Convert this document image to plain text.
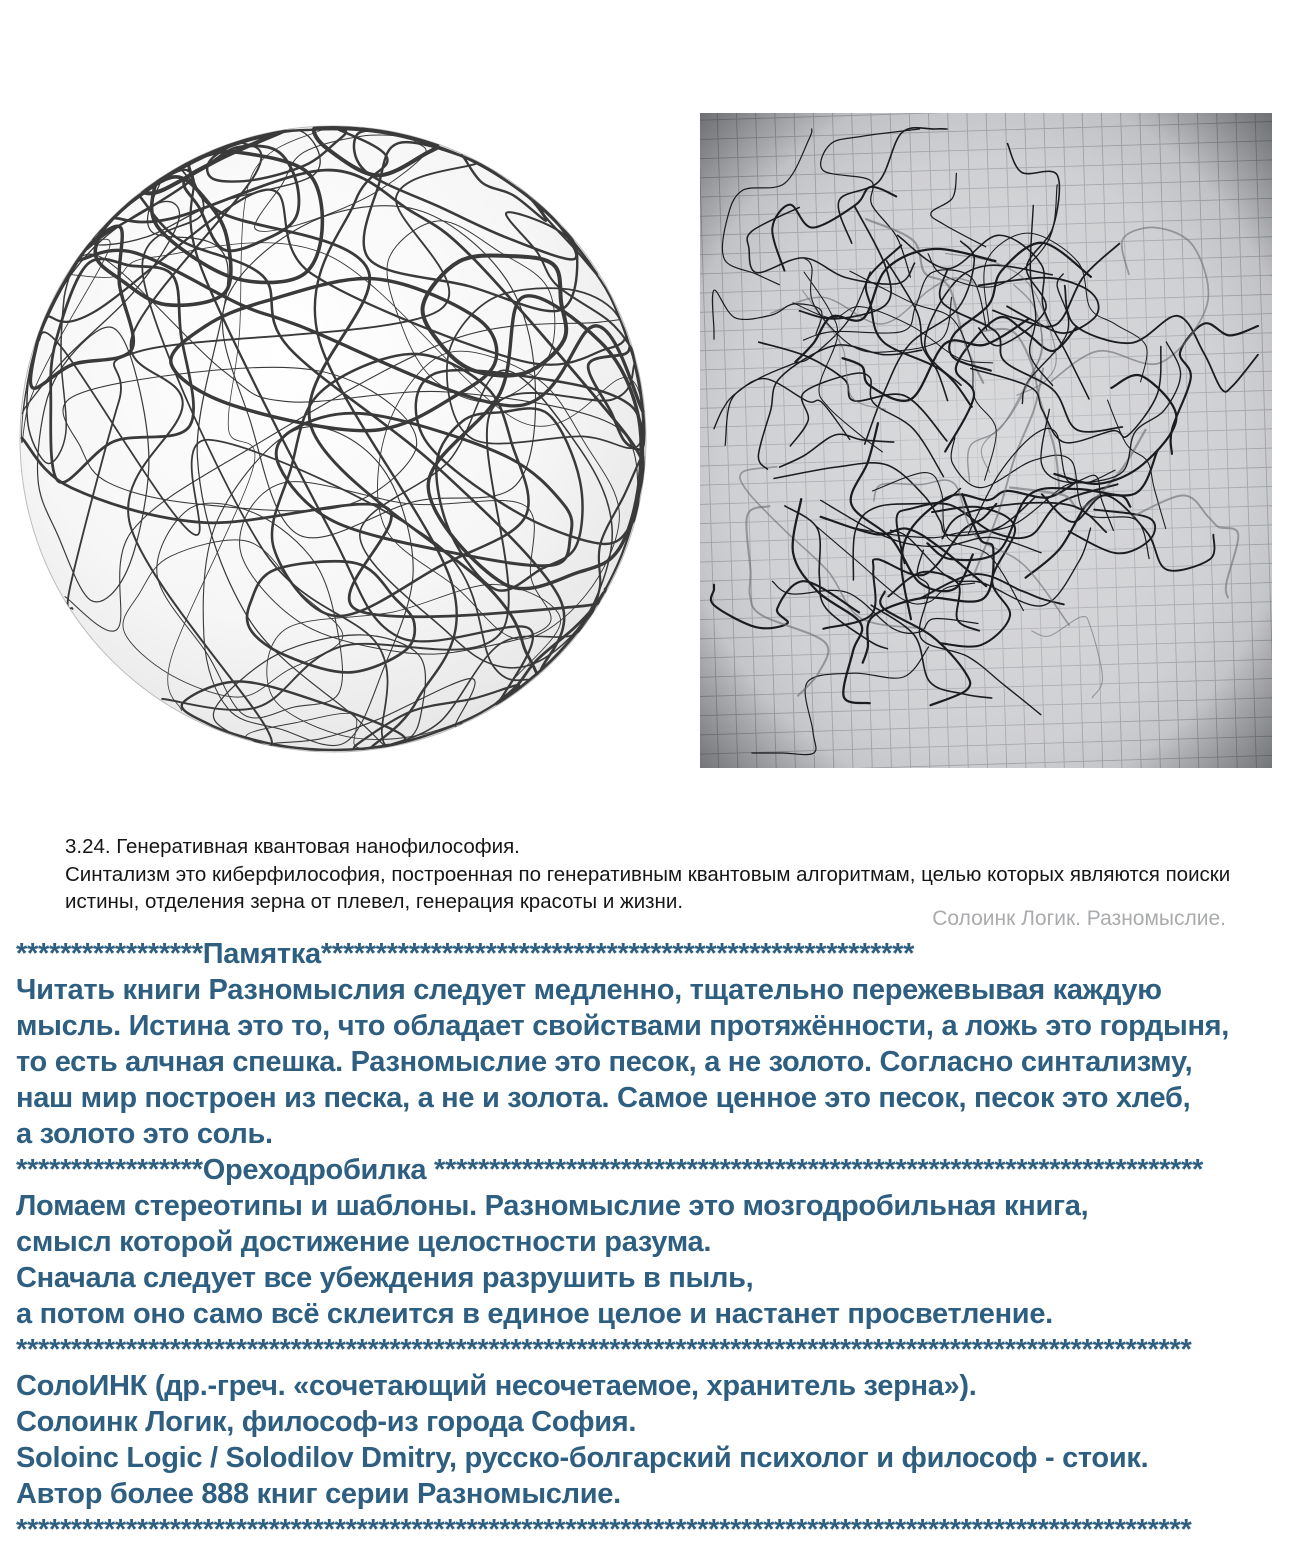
3.24. Генеративная квантовая нанофилософия.
Синтализм это киберфилософия, построенная по генеративным квантовым алгоритмам, целью которых являются поиски
истины, отделения зерна от плевел, генерация красоты и жизни.
Солоинк Логик. Разномыслие.
*****************Памятка******************************************************
Читать книги Разномыслия следует медленно, тщательно пережевывая каждую
мысль. Истина это то, что обладает свойствами протяжённости, а ложь это гордыня,
то есть алчная спешка. Разномыслие это песок, а не золото. Согласно синтализму,
наш мир построен из песка, а не и золота. Самое ценное это песок, песок это хлеб,
а золото это соль.
*****************Ореходробилка **********************************************************************
Ломаем стереотипы и шаблоны. Разномыслие это мозгодробильная книга,
смысл которой достижение целостности разума.
Сначала следует все убеждения разрушить в пыль,
а потом оно само всё склеится в единое целое и настанет просветление.
***********************************************************************************************************
СолоИНК (др.-греч. «сочетающий несочетаемое, хранитель зерна»).
Солоинк Логик, философ-из города София.
Soloinc Logic / Solodilov Dmitry, русско-болгарский психолог и философ - стоик.
Автор более 888 книг серии Разномыслие.
***********************************************************************************************************
